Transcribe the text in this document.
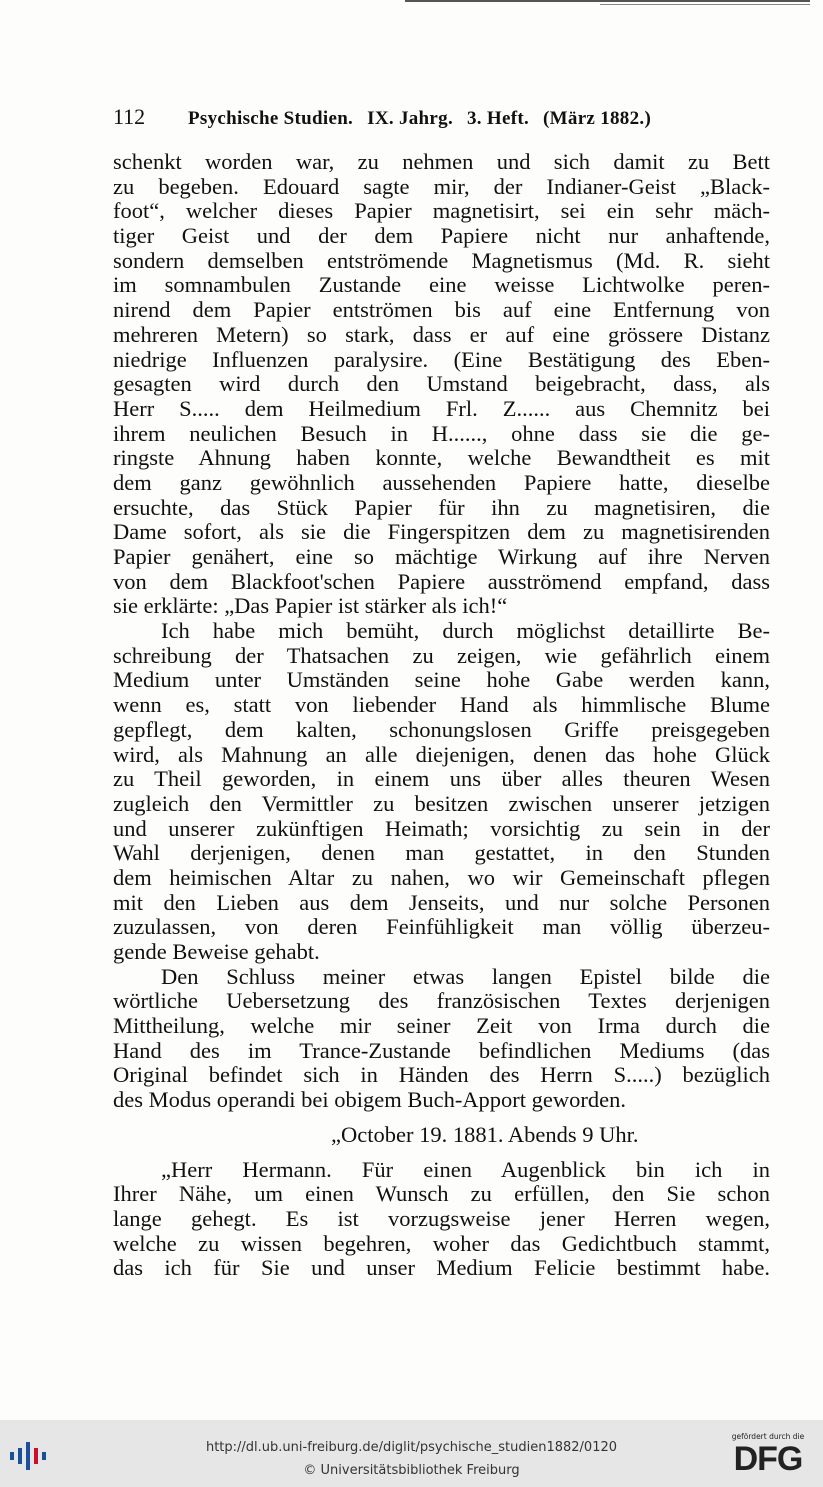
112	Psychische Studien. IX. Jahrg. 3. Heft. (März 1882.)
schenkt worden war, zu nehmen und sich damit zu Bett
zu begeben. Edouard sagte mir, der Indianer-Geist „Black-
foot“, welcher dieses Papier magnetisirt, sei ein sehr mäch-
tiger Geist und der dem Papiere nicht nur anhaftende,
sondern demselben entströmende Magnetismus (Md. R. sieht
im somnambulen Zustande eine weisse Lichtwolke peren-
nirend dem Papier entströmen bis auf eine Entfernung von
mehreren Metern) so stark, dass er auf eine grössere Distanz
niedrige Influenzen paralysire. (Eine Bestätigung des Eben-
gesagten wird durch den Umstand beigebracht, dass, als
Herr S..... dem Heilmedium Frl. Z...... aus Chemnitz bei
ihrem neulichen Besuch in H......, ohne dass sie die ge-
ringste Ahnung haben konnte, welche Bewandtheit es mit
dem ganz gewöhnlich aussehenden Papiere hatte, dieselbe
ersuchte, das Stück Papier für ihn zu magnetisiren, die
Dame sofort, als sie die Fingerspitzen dem zu magnetisirenden
Papier genähert, eine so mächtige Wirkung auf ihre Nerven
von dem Blackfoot'schen Papiere ausströmend empfand, dass
sie erklärte: „Das Papier ist stärker als ich!“
Ich habe mich bemüht, durch möglichst detaillirte Be-
schreibung der Thatsachen zu zeigen, wie gefährlich einem
Medium unter Umständen seine hohe Gabe werden kann,
wenn es, statt von liebender Hand als himmlische Blume
gepflegt, dem kalten, schonungslosen Griffe preisgegeben
wird, als Mahnung an alle diejenigen, denen das hohe Glück
zu Theil geworden, in einem uns über alles theuren Wesen
zugleich den Vermittler zu besitzen zwischen unserer jetzigen
und unserer zukünftigen Heimath; vorsichtig zu sein in der
Wahl derjenigen, denen man gestattet, in den Stunden
dem heimischen Altar zu nahen, wo wir Gemeinschaft pflegen
mit den Lieben aus dem Jenseits, und nur solche Personen
zuzulassen, von deren Feinfühligkeit man völlig überzeu-
gende Beweise gehabt.
Den Schluss meiner etwas langen Epistel bilde die
wörtliche Uebersetzung des französischen Textes derjenigen
Mittheilung, welche mir seiner Zeit von Irma durch die
Hand des im Trance-Zustande befindlichen Mediums (das
Original befindet sich in Händen des Herrn S.....) bezüglich
des Modus operandi bei obigem Buch-Apport geworden.
„October 19. 1881. Abends 9 Uhr.
„Herr Hermann. Für einen Augenblick bin ich in
Ihrer Nähe, um einen Wunsch zu erfüllen, den Sie schon
lange gehegt. Es ist vorzugsweise jener Herren wegen,
welche zu wissen begehren, woher das Gedichtbuch stammt,
das ich für Sie und unser Medium Felicie bestimmt habe.
http://dl.ub.uni-freiburg.de/diglit/psychische_studien1882/0120
© Universitätsbibliothek Freiburg
gefördert durch die
DFG
